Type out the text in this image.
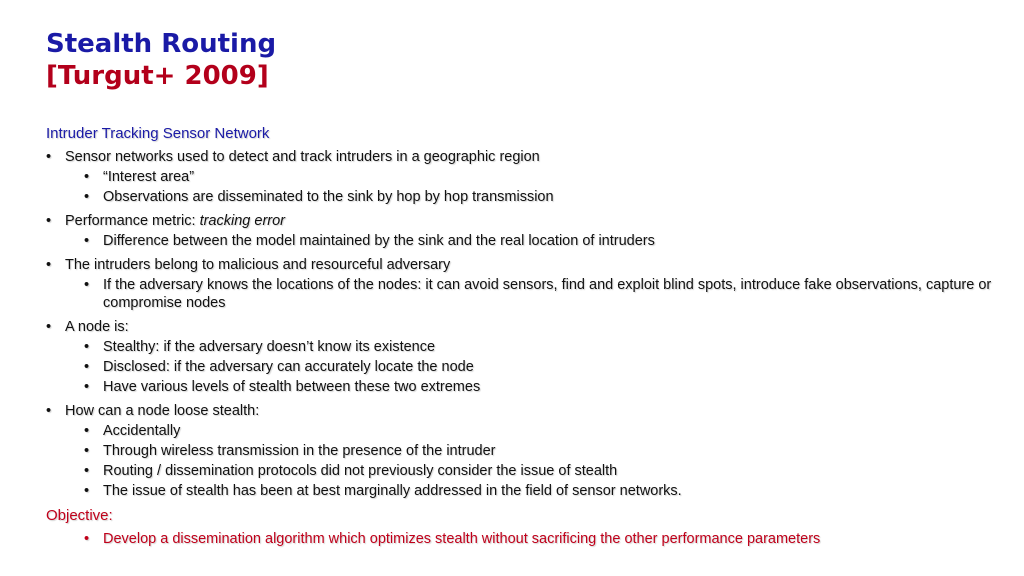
Stealth Routing
[Turgut+ 2009]
Intruder Tracking Sensor Network
• Sensor networks used to detect and track intruders in a geographic region
• “Interest area”
• Observations are disseminated to the sink by hop by hop transmission
• Performance metric: tracking error
• Difference between the model maintained by the sink and the real location of intruders
• The intruders belong to malicious and resourceful adversary
• If the adversary knows the locations of the nodes: it can avoid sensors, find and exploit blind spots, introduce fake observations, capture or compromise nodes
• A node is:
• Stealthy: if the adversary doesn’t know its existence
• Disclosed: if the adversary can accurately locate the node
• Have various levels of stealth between these two extremes
• How can a node loose stealth:
• Accidentally
• Through wireless transmission in the presence of the intruder
• Routing / dissemination protocols did not previously consider the issue of stealth
• The issue of stealth has been at best marginally addressed in the field of sensor networks.
Objective:
• Develop a dissemination algorithm which optimizes stealth without sacrificing the other performance parameters
